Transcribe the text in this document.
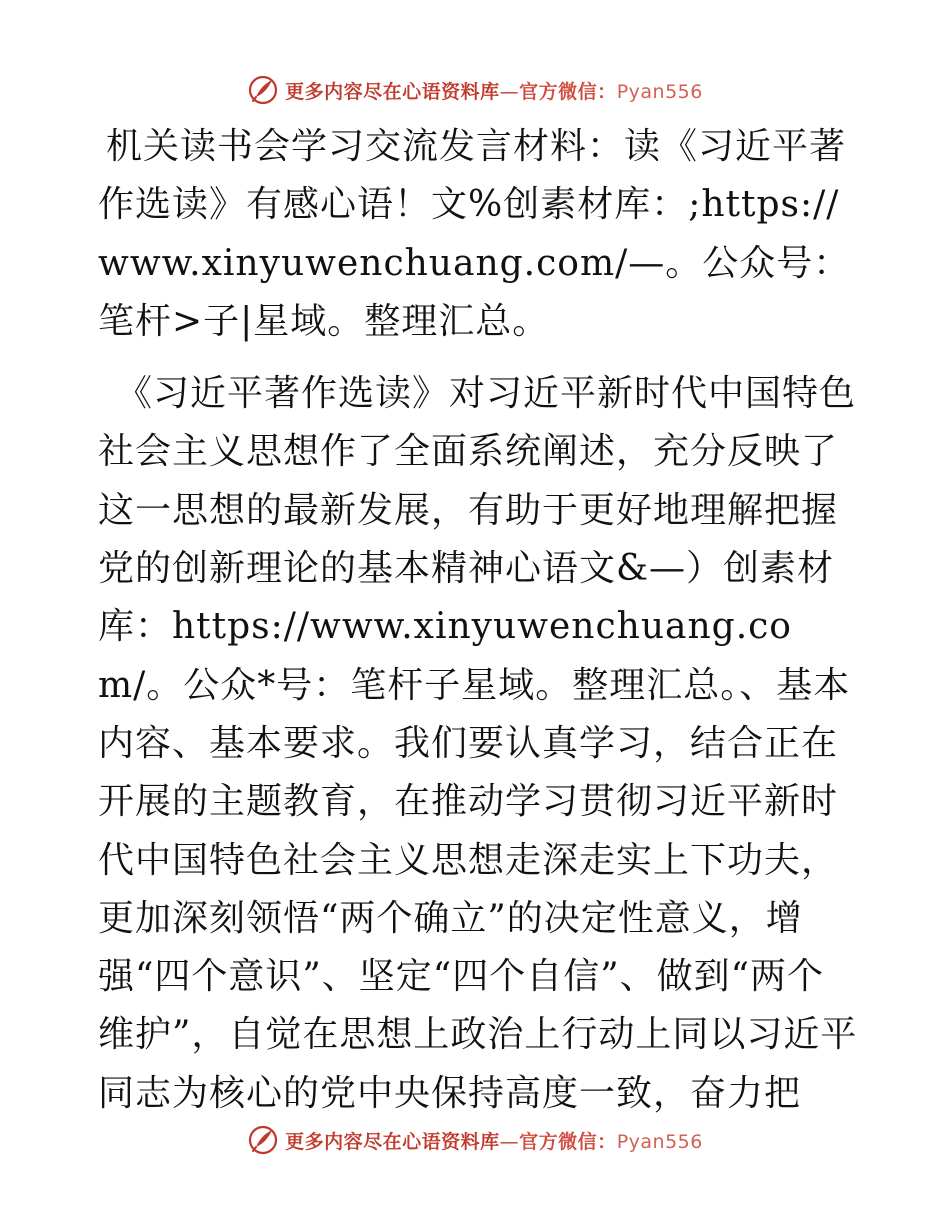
更多内容尽在心语资料库—官方微信：Pyan556

机关读书会学习交流发言材料：读《习近平著作选读》有感心语！文%创素材库：;https://www.xinyuwenchuang.com/—。公众号：笔杆>子|星域。整理汇总。

《习近平著作选读》对习近平新时代中国特色社会主义思想作了全面系统阐述，充分反映了这一思想的最新发展，有助于更好地理解把握党的创新理论的基本精神心语文&—）创素材库：https://www.xinyuwenchuang.com/。公众*号：笔杆子星域。整理汇总。、基本内容、基本要求。我们要认真学习，结合正在开展的主题教育，在推动学习贯彻习近平新时代中国特色社会主义思想走深走实上下功夫，更加深刻领悟“两个确立”的决定性意义，增强“四个意识”、坚定“四个自信”、做到“两个维护”，自觉在思想上政治上行动上同以习近平同志为核心的党中央保持高度一致，奋力把

更多内容尽在心语资料库—官方微信：Pyan556
